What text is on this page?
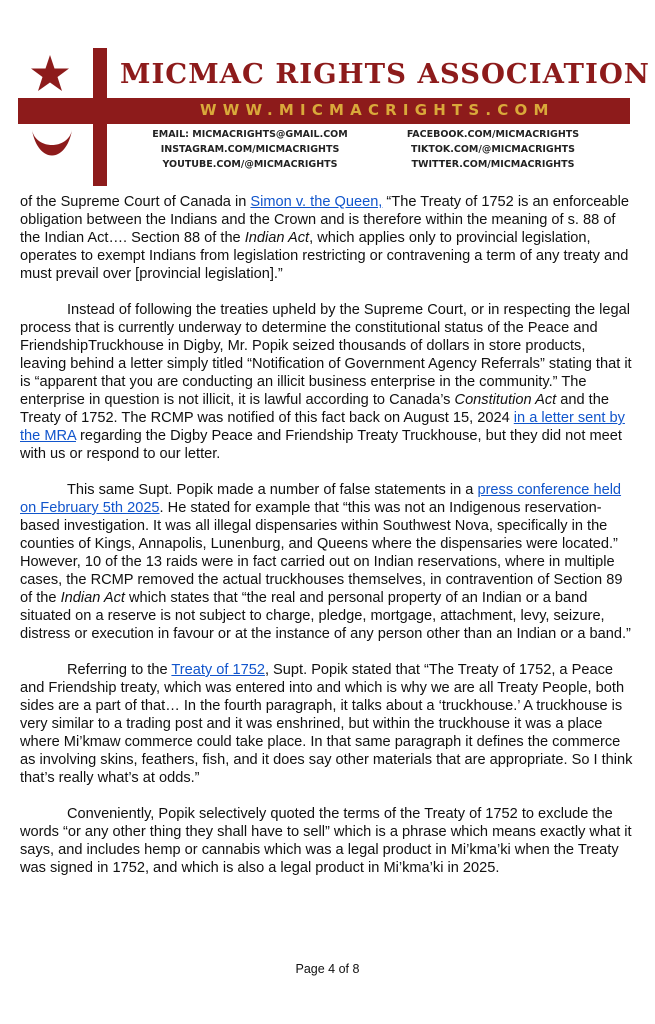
MICMAC RIGHTS ASSOCIATION
WWW.MICMACRIGHTS.COM
EMAIL: MICMACRIGHTS@GMAIL.COM
INSTAGRAM.COM/MICMACRIGHTS
YOUTUBE.COM/@MICMACRIGHTS
FACEBOOK.COM/MICMACRIGHTS
TIKTOK.COM/@MICMACRIGHTS
TWITTER.COM/MICMACRIGHTS

of the Supreme Court of Canada in Simon v. the Queen, “The Treaty of 1752 is an enforceable obligation between the Indians and the Crown and is therefore within the meaning of s. 88 of the Indian Act…. Section 88 of the Indian Act, which applies only to provincial legislation, operates to exempt Indians from legislation restricting or contravening a term of any treaty and must prevail over [provincial legislation].”

Instead of following the treaties upheld by the Supreme Court, or in respecting the legal process that is currently underway to determine the constitutional status of the Peace and FriendshipTruckhouse in Digby, Mr. Popik seized thousands of dollars in store products, leaving behind a letter simply titled “Notification of Government Agency Referrals” stating that it is “apparent that you are conducting an illicit business enterprise in the community.” The enterprise in question is not illicit, it is lawful according to Canada’s Constitution Act and the Treaty of 1752. The RCMP was notified of this fact back on August 15, 2024 in a letter sent by the MRA regarding the Digby Peace and Friendship Treaty Truckhouse, but they did not meet with us or respond to our letter.

This same Supt. Popik made a number of false statements in a press conference held on February 5th 2025. He stated for example that “this was not an Indigenous reservation-based investigation. It was all illegal dispensaries within Southwest Nova, specifically in the counties of Kings, Annapolis, Lunenburg, and Queens where the dispensaries were located.” However, 10 of the 13 raids were in fact carried out on Indian reservations, where in multiple cases, the RCMP removed the actual truckhouses themselves, in contravention of Section 89 of the Indian Act which states that “the real and personal property of an Indian or a band situated on a reserve is not subject to charge, pledge, mortgage, attachment, levy, seizure, distress or execution in favour or at the instance of any person other than an Indian or a band.”

Referring to the Treaty of 1752, Supt. Popik stated that “The Treaty of 1752, a Peace and Friendship treaty, which was entered into and which is why we are all Treaty People, both sides are a part of that… In the fourth paragraph, it talks about a ‘truckhouse.’ A truckhouse is very similar to a trading post and it was enshrined, but within the truckhouse it was a place where Mi’kmaw commerce could take place. In that same paragraph it defines the commerce as involving skins, feathers, fish, and it does say other materials that are appropriate. So I think that’s really what’s at odds.”

Conveniently, Popik selectively quoted the terms of the Treaty of 1752 to exclude the words “or any other thing they shall have to sell” which is a phrase which means exactly what it says, and includes hemp or cannabis which was a legal product in Mi’kma’ki when the Treaty was signed in 1752, and which is also a legal product in Mi’kma’ki in 2025.

Page 4 of 8
